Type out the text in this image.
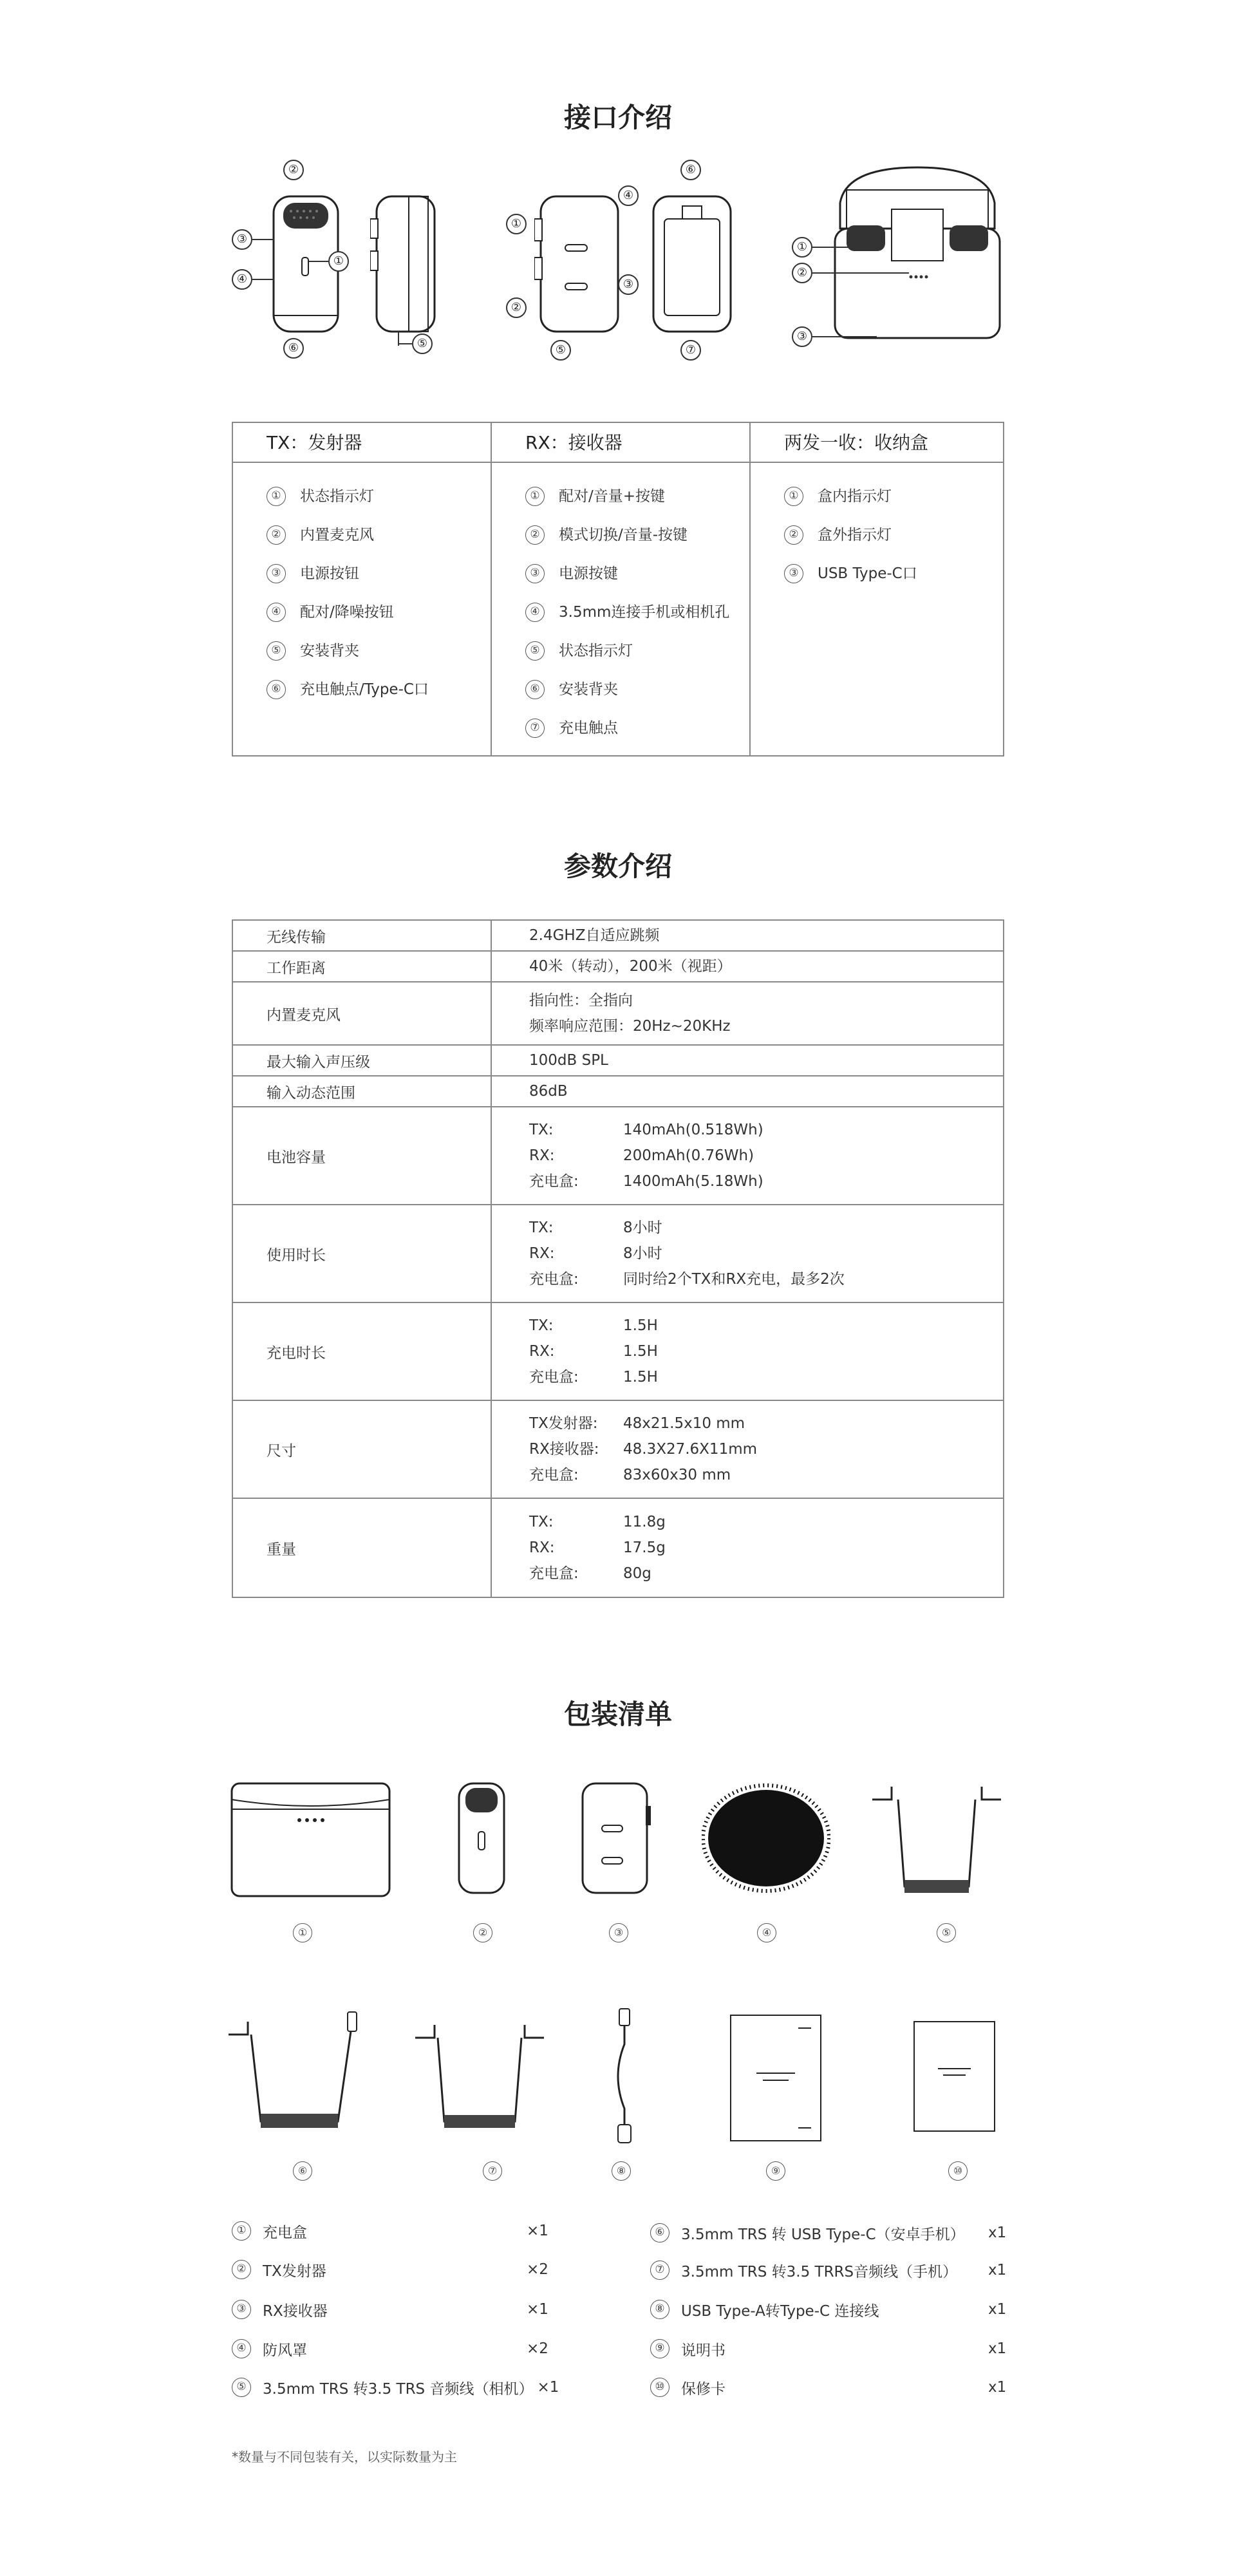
接口介绍
②
③
④
①
⑥	⑤
①
②
④
③
⑤
⑥
⑦
①
②
③
TX：发射器
①	状态指示灯
②	内置麦克风
③	电源按钮
④	配对/降噪按钮
⑤	安装背夹
⑥	充电触点/Type-C口
RX：接收器
①	配对/音量+按键
②	模式切换/音量-按键
③	电源按键
④	3.5mm连接手机或相机孔
⑤	状态指示灯
⑥	安装背夹
⑦	充电触点
两发一收：收纳盒
①	盒内指示灯
②	盒外指示灯
③	USB Type-C口
参数介绍
无线传输	2.4GHZ自适应跳频
工作距离	40米（转动），200米（视距）
内置麦克风
指向性：全指向
频率响应范围：20Hz~20KHz
最大输入声压级	100dB SPL
输入动态范围	86dB
电池容量
TX:	140mAh(0.518Wh)
RX:	200mAh(0.76Wh)
充电盒:	1400mAh(5.18Wh)
使用时长
TX:	8小时
RX:	8小时
充电盒:	同时给2个TX和RX充电，最多2次
充电时长
TX:	1.5H
RX:	1.5H
充电盒:	1.5H
尺寸
TX发射器:	48x21.5x10 mm
RX接收器:	48.3X27.6X11mm
充电盒:	83x60x30 mm
重量
TX:	11.8g
RX:	17.5g
充电盒:	80g
包装清单
①	②	③	④	⑤
⑥	⑦	⑧	⑨	⑩
①	充电盒	×1
②	TX发射器	×2
③	RX接收器	×1
④	防风罩	×2
⑤	3.5mm TRS 转3.5 TRS 音频线（相机） ×1
⑥	3.5mm TRS 转 USB Type-C（安卓手机） x1
⑦	3.5mm TRS 转3.5 TRRS音频线（手机） x1
⑧	USB Type-A转Type-C 连接线	x1
⑨	说明书	x1
⑩	保修卡	x1
*数量与不同包装有关，以实际数量为主
